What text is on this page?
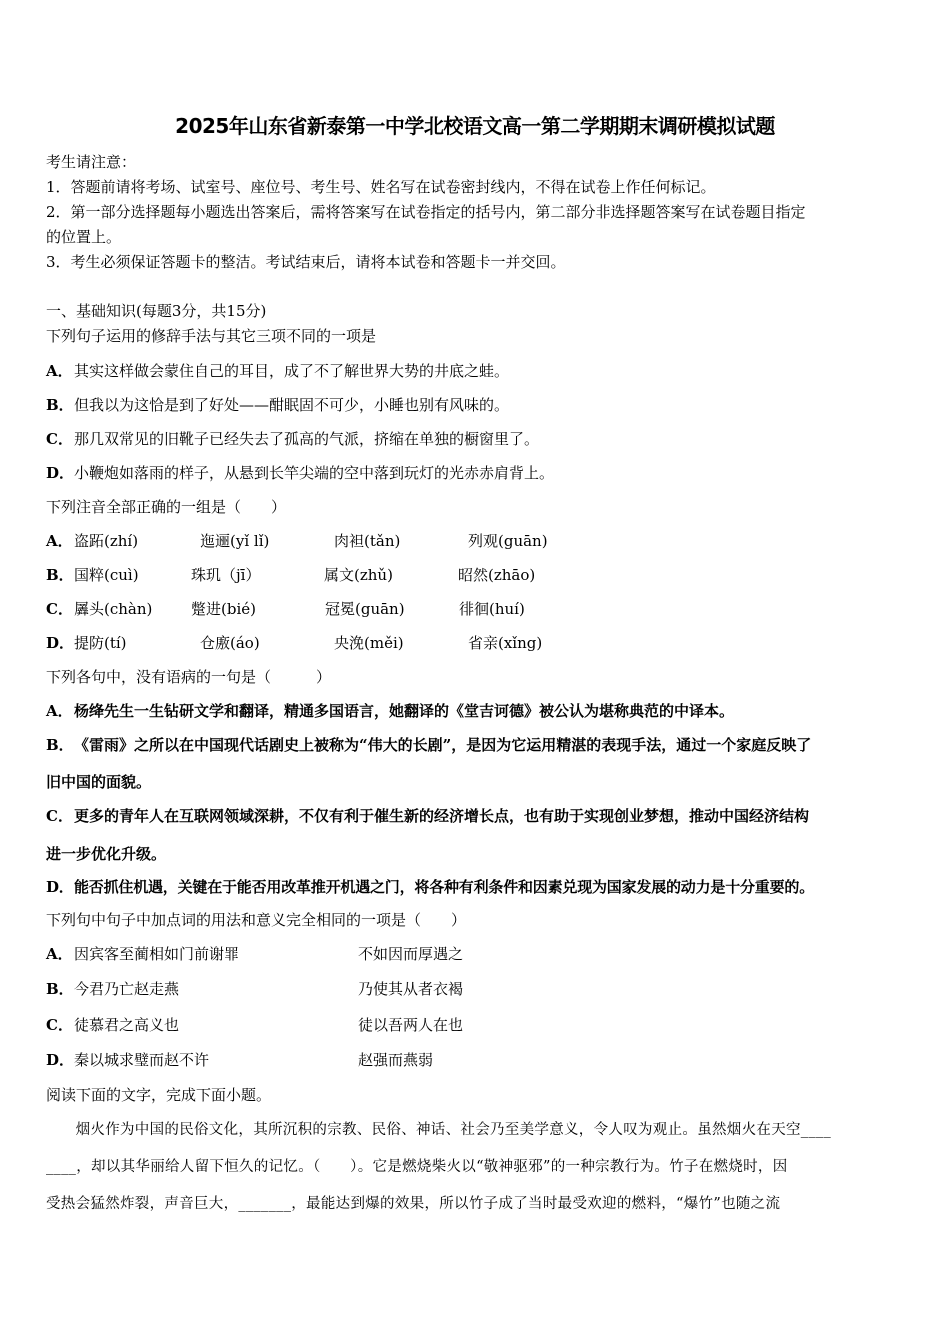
2025年山东省新泰第一中学北校语文高一第二学期期末调研模拟试题
考生请注意：
1．答题前请将考场、试室号、座位号、考生号、姓名写在试卷密封线内，不得在试卷上作任何标记。
2．第一部分选择题每小题选出答案后，需将答案写在试卷指定的括号内，第二部分非选择题答案写在试卷题目指定
的位置上。
3．考生必须保证答题卡的整洁。考试结束后，请将本试卷和答题卡一并交回。
一、基础知识(每题3分，共15分)
下列句子运用的修辞手法与其它三项不同的一项是
A．其实这样做会蒙住自己的耳目，成了不了解世界大势的井底之蛙。
B．但我以为这恰是到了好处——酣眠固不可少，小睡也别有风味的。
C．那几双常见的旧靴子已经失去了孤高的气派，挤缩在单独的橱窗里了。
D．小鞭炮如落雨的样子，从悬到长竿尖端的空中落到玩灯的光赤赤肩背上。
下列注音全部正确的一组是（　　）
A． 盗跖(zhí)	迤逦(yǐ lǐ)	肉袒(tǎn)	列观(guān)
B． 国粹(cuì)	珠玑（jī）	属文(zhǔ)	昭然(zhāo)
C． 羼头(chàn)	蹩进(bié)	冠冕(guān)	徘徊(huí)
D． 提防(tí)	仓廒(áo)	央浼(měi)	省亲(xǐng)
下列各句中，没有语病的一句是（　　　）
A．杨绛先生一生钻研文学和翻译，精通多国语言，她翻译的《堂吉诃德》被公认为堪称典范的中译本。
B．《雷雨》之所以在中国现代话剧史上被称为“伟大的长剧”，是因为它运用精湛的表现手法，通过一个家庭反映了
旧中国的面貌。
C．更多的青年人在互联网领域深耕，不仅有利于催生新的经济增长点，也有助于实现创业梦想，推动中国经济结构
进一步优化升级。
D．能否抓住机遇，关键在于能否用改革推开机遇之门，将各种有利条件和因素兑现为国家发展的动力是十分重要的。
下列句中句子中加点词的用法和意义完全相同的一项是（　　）
A．因宾客至蔺相如门前谢罪	不如因而厚遇之
B．今君乃亡赵走燕	乃使其从者衣褐
C．徒慕君之高义也	徒以吾两人在也
D．秦以城求璧而赵不许	赵强而燕弱
阅读下面的文字，完成下面小题。
　　烟火作为中国的民俗文化，其所沉积的宗教、民俗、神话、社会乃至美学意义，令人叹为观止。虽然烟火在天空____
____，却以其华丽给人留下恒久的记忆。（　　）。它是燃烧柴火以“敬神驱邪”的一种宗教行为。竹子在燃烧时，因
受热会猛然炸裂，声音巨大，_______，最能达到爆的效果，所以竹子成了当时最受欢迎的燃料，“爆竹”也随之流
